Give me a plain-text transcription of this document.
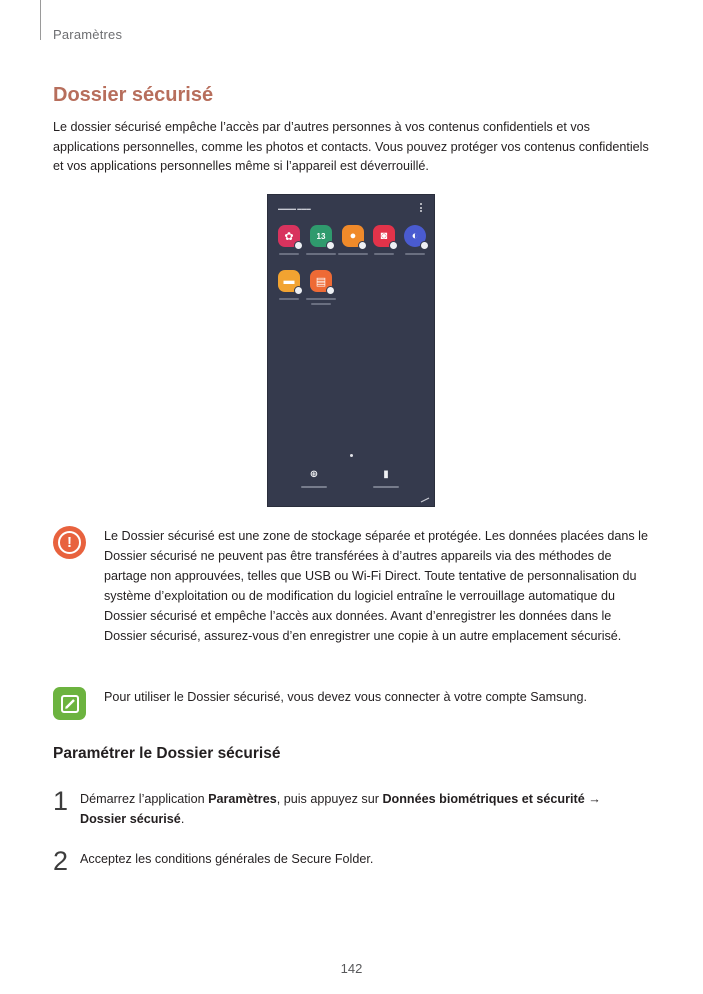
Paramètres
Dossier sécurisé

Le dossier sécurisé empêche l’accès par d’autres personnes à vos contenus confidentiels et vos applications personnelles, comme les photos et contacts. Vous pouvez protéger vos contenus confidentiels et vos applications personnelles même si l’appareil est déverrouillé.

▬▬▬▬ ▬▬▬
✿	13	●	◙	◐
▬	▤
⊕	▮
!	Le Dossier sécurisé est une zone de stockage séparée et protégée. Les données placées dans le Dossier sécurisé ne peuvent pas être transférées à d’autres appareils via des méthodes de partage non approuvées, telles que USB ou Wi-Fi Direct. Toute tentative de personnalisation du système d’exploitation ou de modification du logiciel entraîne le verrouillage automatique du Dossier sécurisé et empêche l’accès aux données. Avant d’enregistrer les données dans le Dossier sécurisé, assurez-vous d’en enregistrer une copie à un autre emplacement sécurisé.

Pour utiliser le Dossier sécurisé, vous devez vous connecter à votre compte Samsung.

Paramétrer le Dossier sécurisé
1 Démarrez l’application Paramètres, puis appuyez sur Données biométriques et sécurité → Dossier sécurisé.

2 Acceptez les conditions générales de Secure Folder.

142
